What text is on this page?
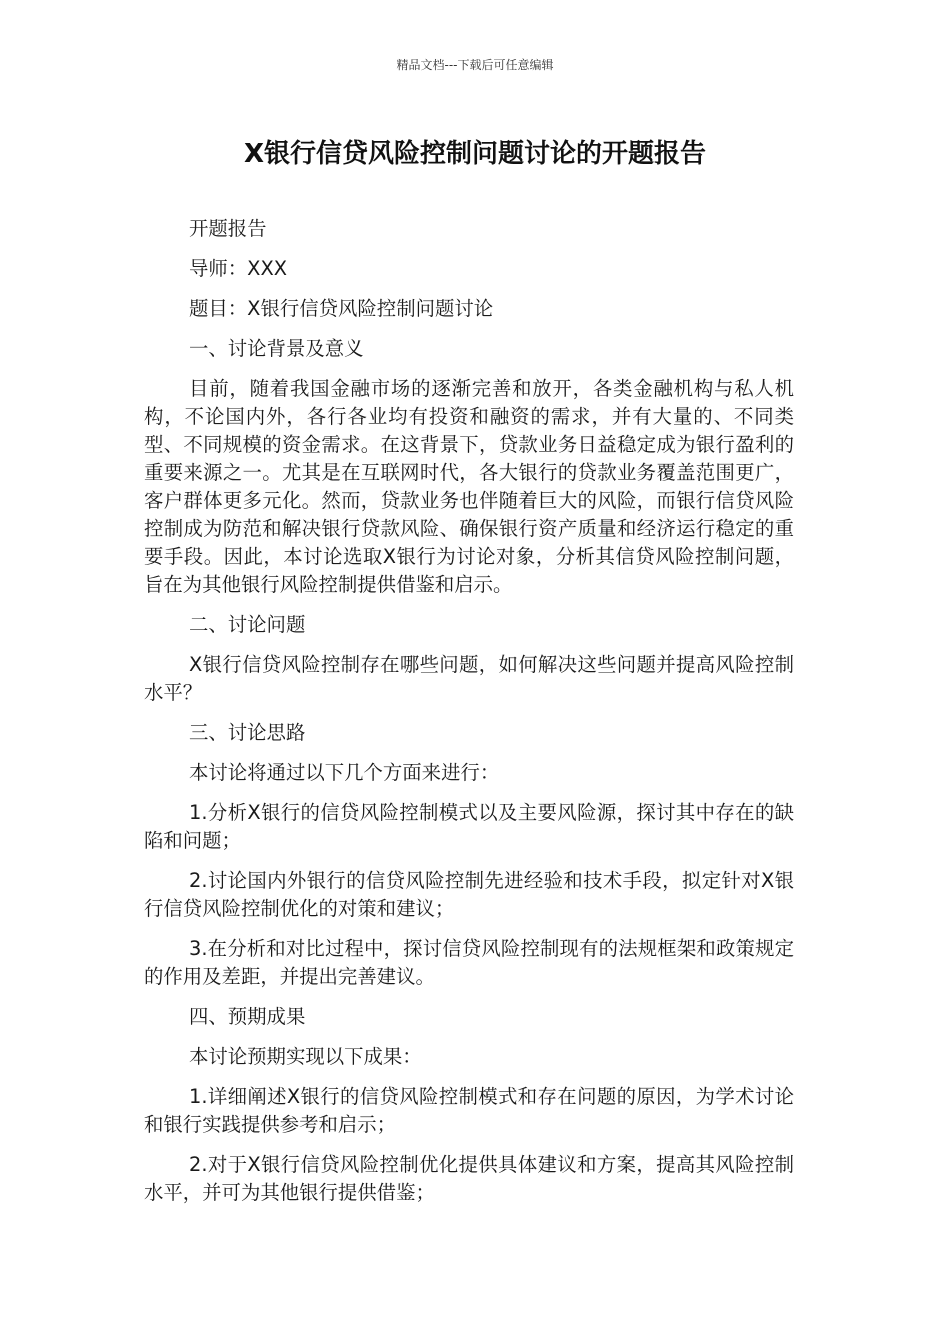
精品文档---下载后可任意编辑
X银行信贷风险控制问题讨论的开题报告

开题报告

导师：XXX

题目：X银行信贷风险控制问题讨论

一、讨论背景及意义

目前，随着我国金融市场的逐渐完善和放开，各类金融机构与私人机构，不论国内外，各行各业均有投资和融资的需求，并有大量的、不同类型、不同规模的资金需求。在这背景下，贷款业务日益稳定成为银行盈利的重要来源之一。尤其是在互联网时代，各大银行的贷款业务覆盖范围更广，客户群体更多元化。然而，贷款业务也伴随着巨大的风险，而银行信贷风险控制成为防范和解决银行贷款风险、确保银行资产质量和经济运行稳定的重要手段。因此，本讨论选取X银行为讨论对象，分析其信贷风险控制问题，旨在为其他银行风险控制提供借鉴和启示。

二、讨论问题

X银行信贷风险控制存在哪些问题，如何解决这些问题并提高风险控制水平？

三、讨论思路

本讨论将通过以下几个方面来进行：

1.分析X银行的信贷风险控制模式以及主要风险源，探讨其中存在的缺陷和问题；

2.讨论国内外银行的信贷风险控制先进经验和技术手段，拟定针对X银行信贷风险控制优化的对策和建议；

3.在分析和对比过程中，探讨信贷风险控制现有的法规框架和政策规定的作用及差距，并提出完善建议。

四、预期成果

本讨论预期实现以下成果：

1.详细阐述X银行的信贷风险控制模式和存在问题的原因，为学术讨论和银行实践提供参考和启示；

2.对于X银行信贷风险控制优化提供具体建议和方案，提高其风险控制水平，并可为其他银行提供借鉴；
